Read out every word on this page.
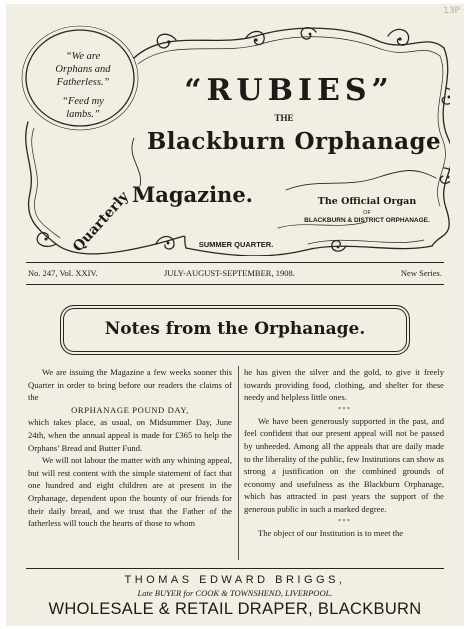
13P
“We are
Orphans and
Fatherless.”
“Feed my
lambs.”
“RUBIES”
THE
Blackburn Orphanage
Magazine.
Quarterly	The Official Organ
OF
BLACKBURN & DISTRICT ORPHANAGE.
SUMMER QUARTER.
No. 247, Vol. XXIV.	JULY-AUGUST-SEPTEMBER, 1908.	New Series.
Notes from the Orphanage.

We are issuing the Magazine a few weeks sooner this Quarter in order to bring before our readers the claims of the

ORPHANAGE POUND DAY,

which takes place, as usual, on Midsummer Day, June 24th, when the annual appeal is made for £365 to help the Orphans’ Bread and Butter Fund.

We will not labour the matter with any whining appeal, but will rest content with the simple statement of fact that one hundred and eight children are at present in the Orphanage, dependent upon the bounty of our friends for their daily bread, and we trust that the Father of the fatherless will touch the hearts of those to whom

he has given the silver and the gold, to give it freely towards providing food, clothing, and shelter for these needy and helpless little ones.

* * *

We have been generously supported in the past, and feel confident that our present appeal will not be passed by unheeded. Among all the appeals that are daily made to the liberality of the public, few Institutions can show as strong a justification on the combined grounds of economy and usefulness as the Blackburn Orphanage, which has attracted in past years the support of the generous public in such a marked degree.

* * *

The object of our Institution is to meet the

THOMAS EDWARD BRIGGS,
Late BUYER for COOK & TOWNSHEND, LIVERPOOL.
WHOLESALE & RETAIL DRAPER, BLACKBURN
